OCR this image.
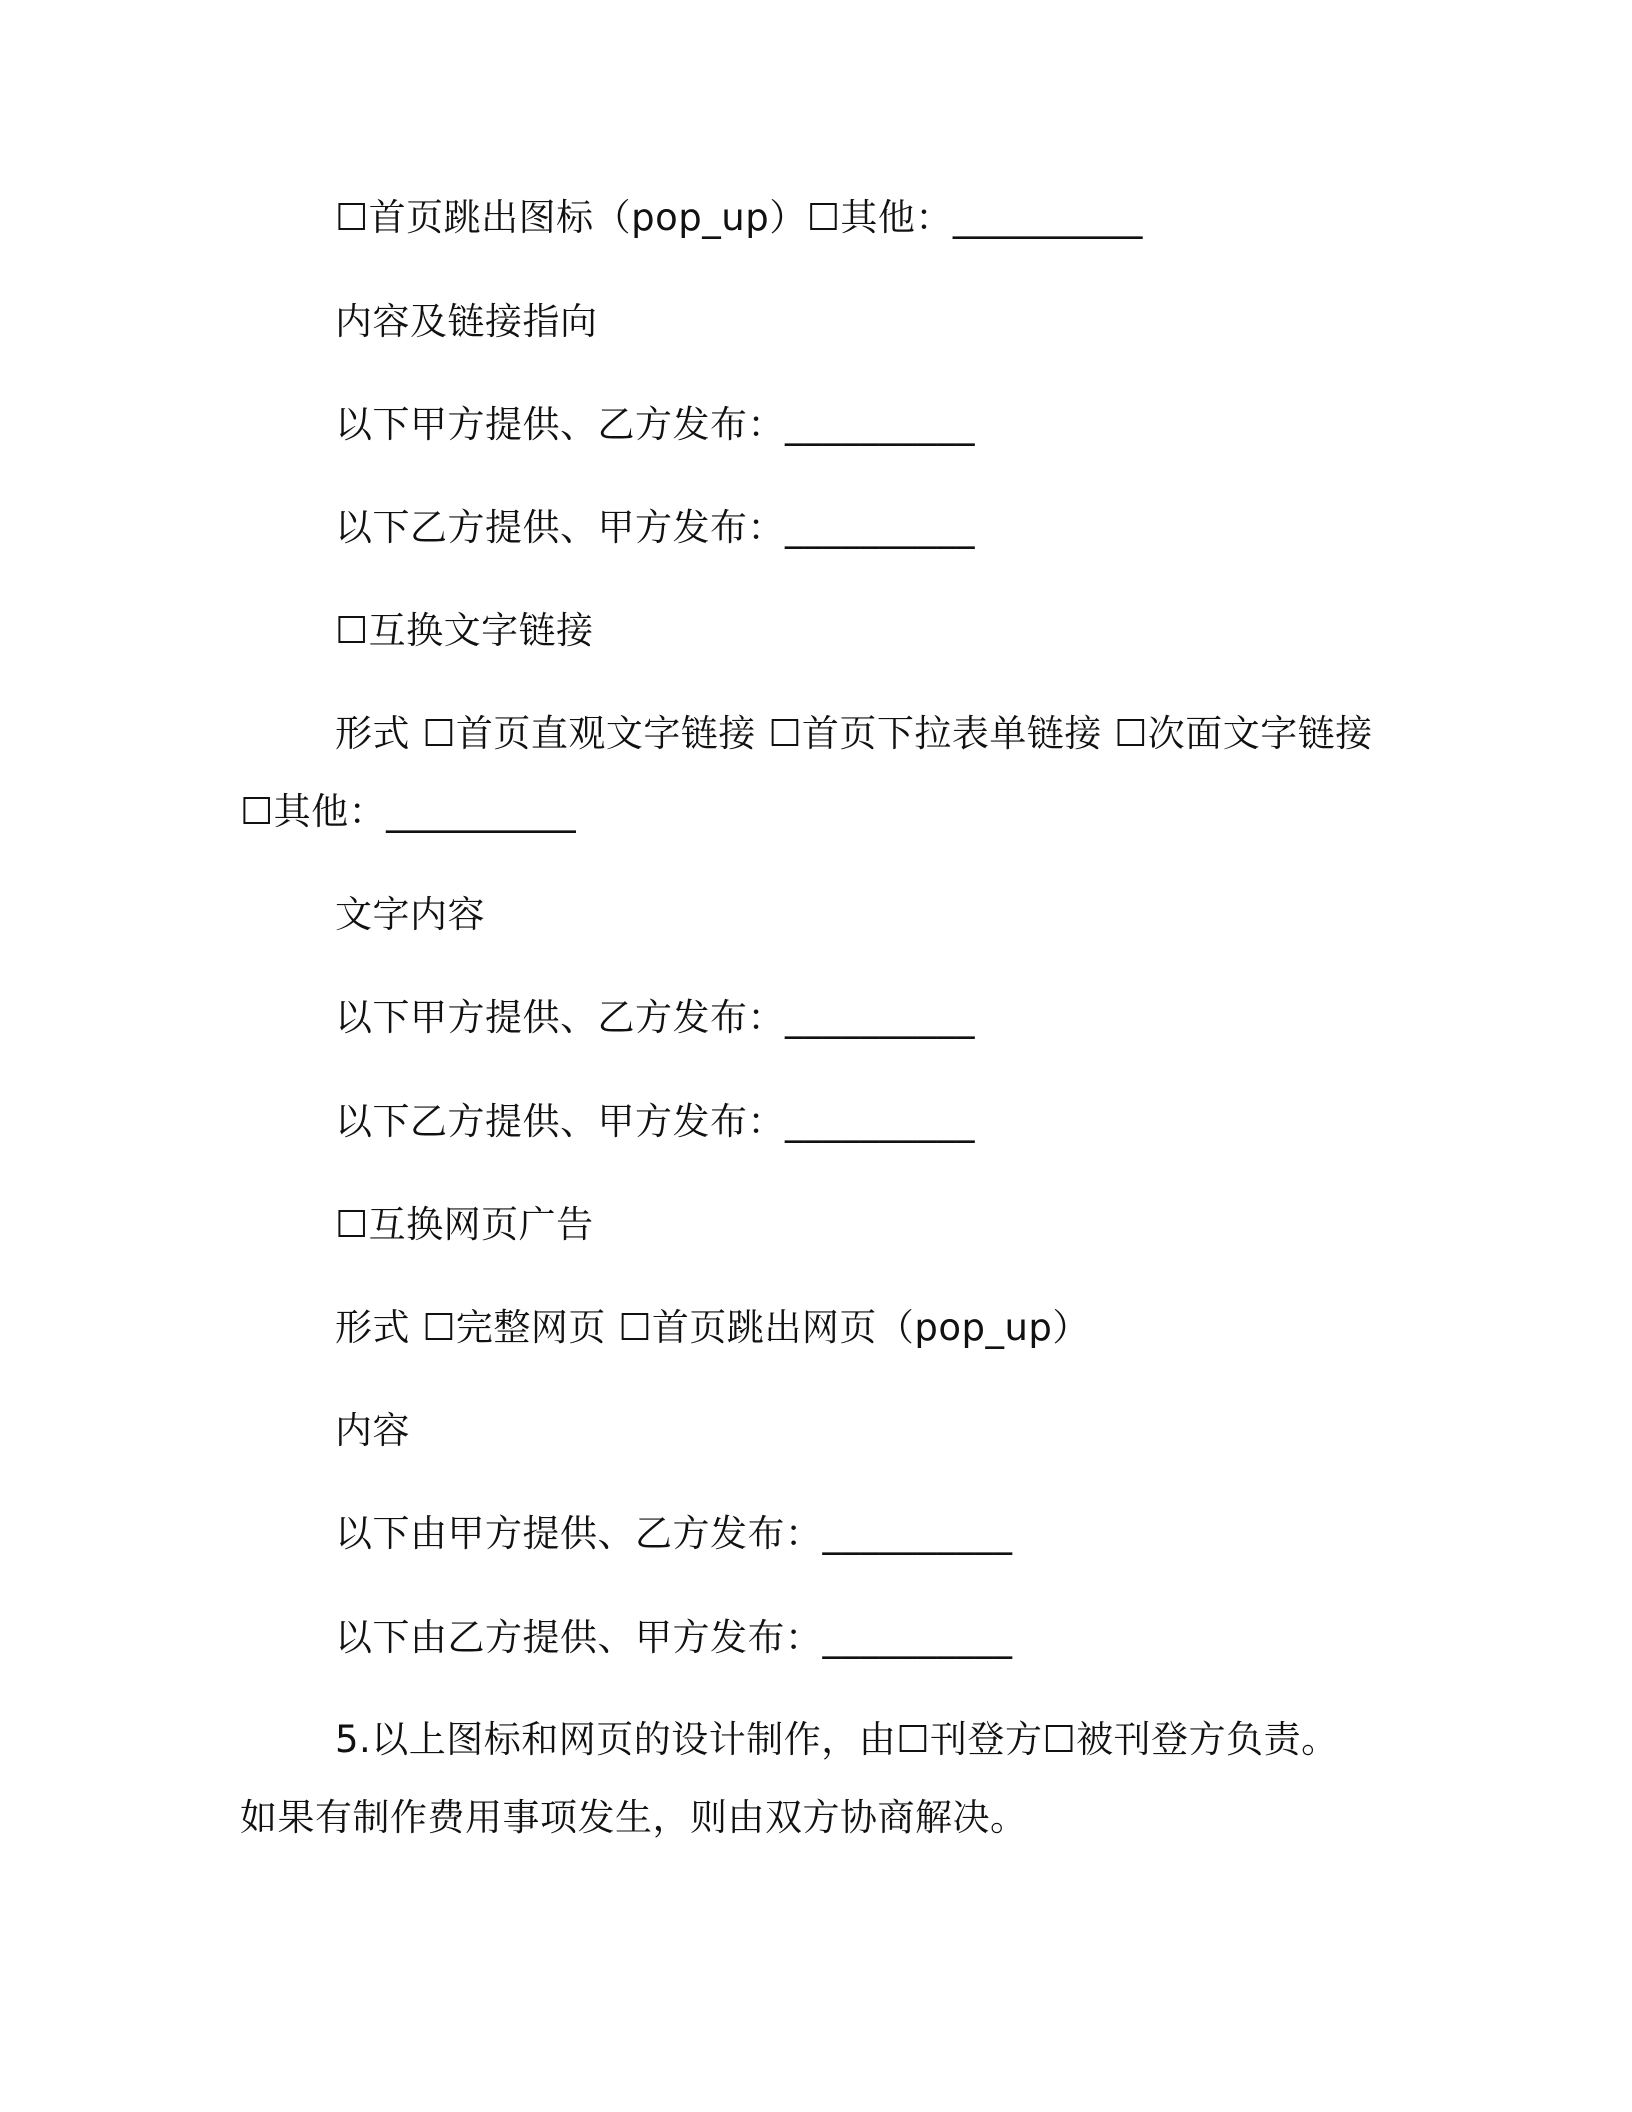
☐首页跳出图标（pop_up）☐其他：__________
内容及链接指向
以下甲方提供、乙方发布：__________
以下乙方提供、甲方发布：__________
☐互换文字链接
形式 ☐首页直观文字链接 ☐首页下拉表单链接 ☐次面文字链接
☐其他：__________
文字内容
以下甲方提供、乙方发布：__________
以下乙方提供、甲方发布：__________
☐互换网页广告
形式 ☐完整网页 ☐首页跳出网页（pop_up）
内容
以下由甲方提供、乙方发布：__________
以下由乙方提供、甲方发布：__________
5.以上图标和网页的设计制作，由☐刊登方☐被刊登方负责。如果有制作费用事项发生，则由双方协商解决。
